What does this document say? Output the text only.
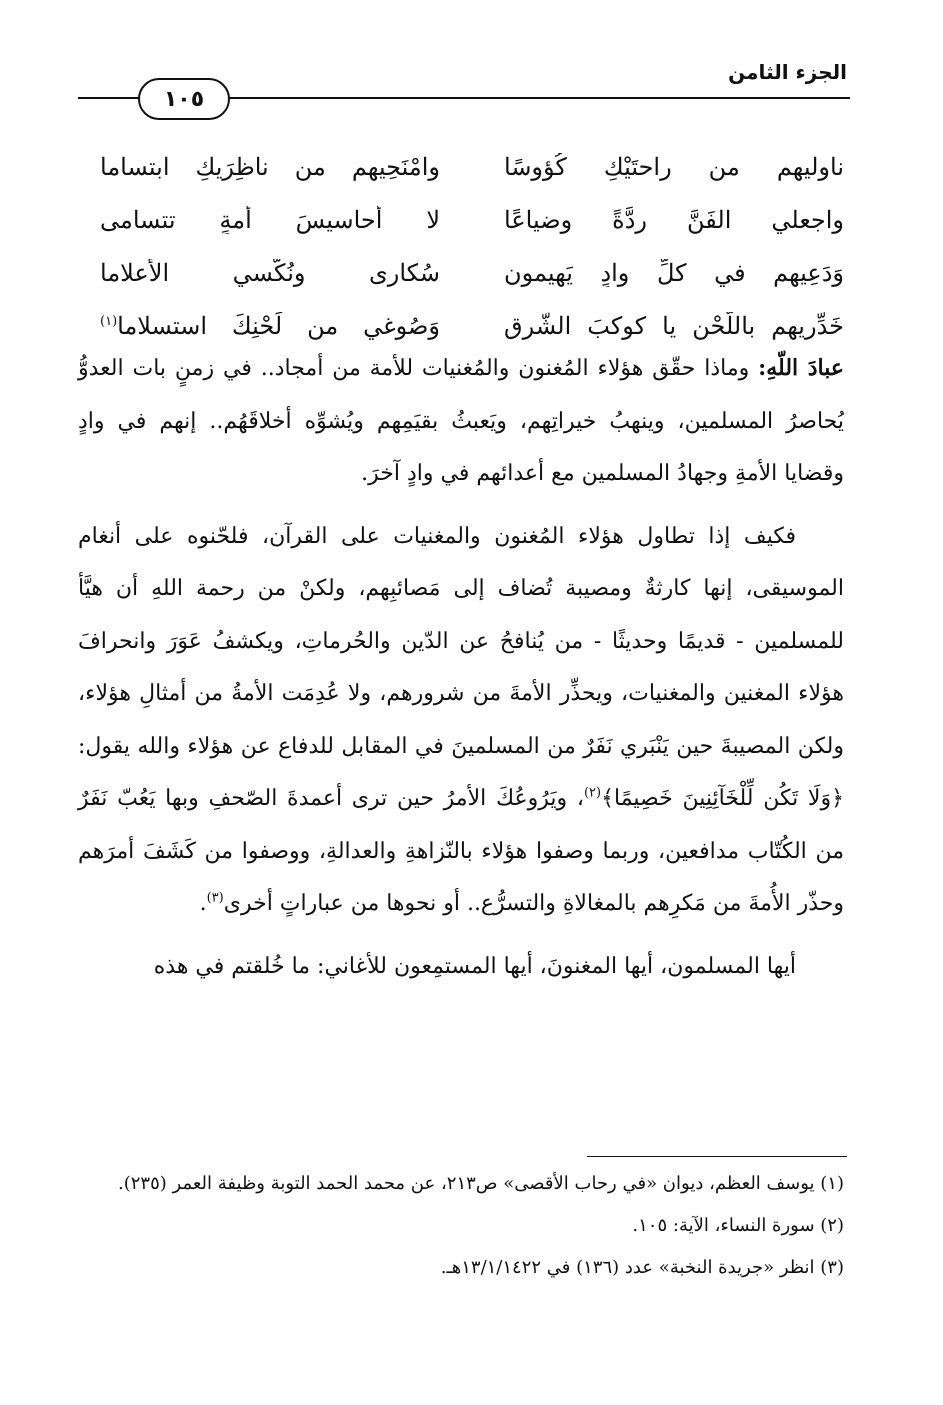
الجزء الثامن
١٠٥
ناوليهم من راحتَيْكِ كُؤوسًا
وامْنَحِيهم من ناظِرَيكِ ابتساما
واجعلي الفَنَّ ردَّةً وضياعًا
لا أحاسيسَ أُمةٍ تتسامى
وَدَعِيهم في كلِّ وادٍ يَهيمون
سُكارى ونُكَّسي الأعلاما
خَدِّريهم باللَّحْنِ يا كوكبَ الشّرق
وَصُوغي من لَحْنِكَ استسلاما$^{(١)}$

عبادَ اللّهِ: وماذا حقّق هؤلاء المُغنون والمُغنيات للأمة من أمجاد.. في زمنٍ بات العدوُّ يُحاصرُ المسلمين، وينهبُ خيراتِهم، ويَعبثُ بقيَمِهم ويُشوِّه أخلاقَهُم.. إنهم في وادٍ وقضايا الأمةِ وجهادُ المسلمين مع أعدائهم في وادٍ آخرَ.

فكيف إذا تطاول هؤلاء المُغنون والمغنيات على القرآن، فلحّنوه على أنغام الموسيقى، إنها كارثةٌ ومصيبة تُضاف إلى مَصائبِهم، ولكنْ من رحمة اللهِ أن هيَّأ للمسلمين - قديمًا وحديثًا - من يُنافحُ عن الدّين والحُرماتِ، ويكشفُ عَوَرَ وانحرافَ هؤلاء المغنين والمغنيات، ويحذِّر الأمةَ من شرورهم، ولا عُدِمَت الأمةُ من أمثالِ هؤلاء، ولكن المصيبةَ حين يَنْبَري نَفَرٌ من المسلمينَ في المقابل للدفاع عن هؤلاء والله يقول: ﴿وَلَا تَكُن لِّلْخَآئِنِينَ خَصِيمًا﴾$^{(٢)}$، ويَرُوعُكَ الأمرُ حين ترى أعمدةَ الصّحفِ وبها يَعُبّ نَفَرٌ من الكُتّاب مدافعين، وربما وصفوا هؤلاء بالنّزاهةِ والعدالةِ، ووصفوا من كَشَفَ أمرَهم وحذّر الأُمةَ من مَكرِهم بالمغالاةِ والتسرُّع.. أو نحوها من عباراتٍ أخرى$^{(٣)}$.

أيها المسلمون، أيها المغنونَ، أيها المستمِعون للأغاني: ما خُلقتم في هذه

(١) يوسف العظم، ديوان «في رحاب الأقصى» ص٢١٣، عن محمد الحمد التوبة وظيفة العمر (٢٣٥).

(٢) سورة النساء، الآية: ١٠٥.

(٣) انظر «جريدة النخبة» عدد (١٣٦) في ١٣/١/١٤٢٢هـ.
